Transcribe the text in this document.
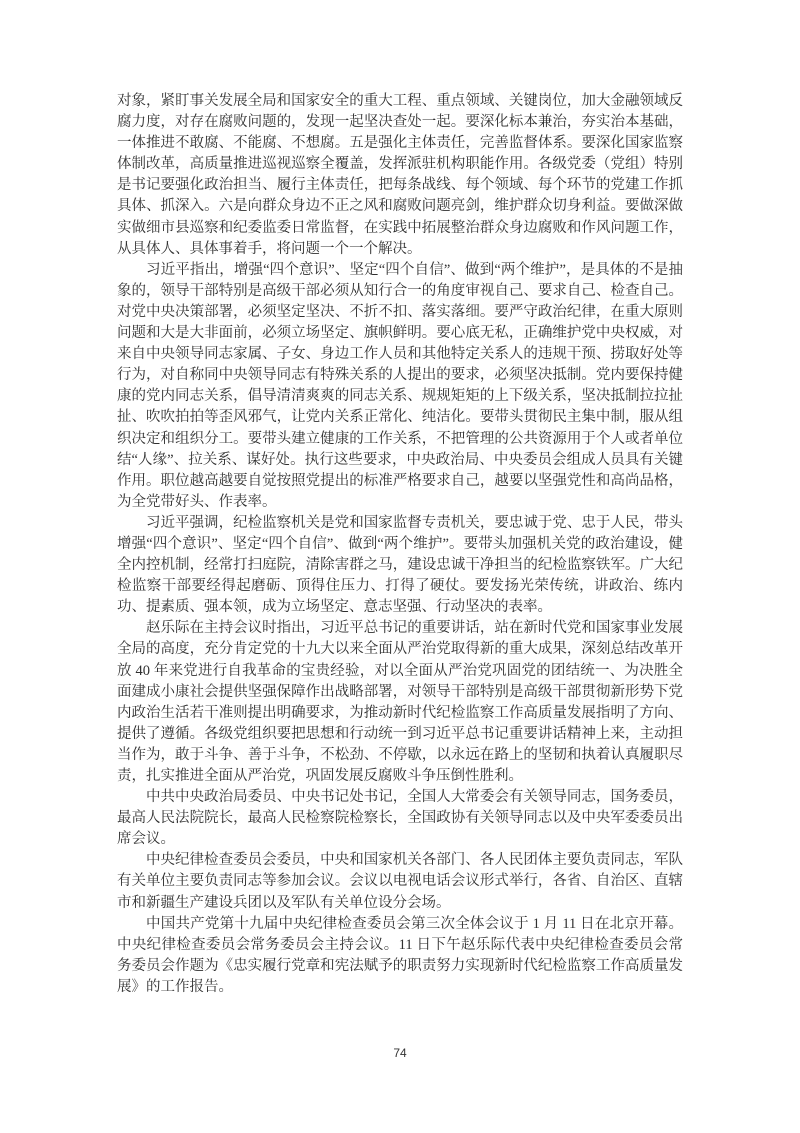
对象，紧盯事关发展全局和国家安全的重大工程、重点领域、关键岗位，加大金融领域反腐力度，对存在腐败问题的，发现一起坚决查处一起。要深化标本兼治，夯实治本基础，一体推进不敢腐、不能腐、不想腐。五是强化主体责任，完善监督体系。要深化国家监察体制改革，高质量推进巡视巡察全覆盖，发挥派驻机构职能作用。各级党委（党组）特别是书记要强化政治担当、履行主体责任，把每条战线、每个领域、每个环节的党建工作抓具体、抓深入。六是向群众身边不正之风和腐败问题亮剑，维护群众切身利益。要做深做实做细市县巡察和纪委监委日常监督，在实践中拓展整治群众身边腐败和作风问题工作，从具体人、具体事着手，将问题一个一个解决。

习近平指出，增强“四个意识”、坚定“四个自信”、做到“两个维护”，是具体的不是抽象的，领导干部特别是高级干部必须从知行合一的角度审视自己、要求自己、检查自己。对党中央决策部署，必须坚定坚决、不折不扣、落实落细。要严守政治纪律，在重大原则问题和大是大非面前，必须立场坚定、旗帜鲜明。要心底无私，正确维护党中央权威，对来自中央领导同志家属、子女、身边工作人员和其他特定关系人的违规干预、捞取好处等行为，对自称同中央领导同志有特殊关系的人提出的要求，必须坚决抵制。党内要保持健康的党内同志关系，倡导清清爽爽的同志关系、规规矩矩的上下级关系，坚决抵制拉拉扯扯、吹吹拍拍等歪风邪气，让党内关系正常化、纯洁化。要带头贯彻民主集中制，服从组织决定和组织分工。要带头建立健康的工作关系，不把管理的公共资源用于个人或者单位结“人缘”、拉关系、谋好处。执行这些要求，中央政治局、中央委员会组成人员具有关键作用。职位越高越要自觉按照党提出的标准严格要求自己，越要以坚强党性和高尚品格，为全党带好头、作表率。

习近平强调，纪检监察机关是党和国家监督专责机关，要忠诚于党、忠于人民，带头增强“四个意识”、坚定“四个自信”、做到“两个维护”。要带头加强机关党的政治建设，健全内控机制，经常打扫庭院，清除害群之马，建设忠诚干净担当的纪检监察铁军。广大纪检监察干部要经得起磨砺、顶得住压力、打得了硬仗。要发扬光荣传统，讲政治、练内功、提素质、强本领，成为立场坚定、意志坚强、行动坚决的表率。

赵乐际在主持会议时指出，习近平总书记的重要讲话，站在新时代党和国家事业发展全局的高度，充分肯定党的十九大以来全面从严治党取得新的重大成果，深刻总结改革开放 40 年来党进行自我革命的宝贵经验，对以全面从严治党巩固党的团结统一、为决胜全面建成小康社会提供坚强保障作出战略部署，对领导干部特别是高级干部贯彻新形势下党内政治生活若干准则提出明确要求，为推动新时代纪检监察工作高质量发展指明了方向、提供了遵循。各级党组织要把思想和行动统一到习近平总书记重要讲话精神上来，主动担当作为，敢于斗争、善于斗争，不松劲、不停歇，以永远在路上的坚韧和执着认真履职尽责，扎实推进全面从严治党，巩固发展反腐败斗争压倒性胜利。

中共中央政治局委员、中央书记处书记，全国人大常委会有关领导同志，国务委员，最高人民法院院长，最高人民检察院检察长，全国政协有关领导同志以及中央军委委员出席会议。

中央纪律检查委员会委员，中央和国家机关各部门、各人民团体主要负责同志，军队有关单位主要负责同志等参加会议。会议以电视电话会议形式举行，各省、自治区、直辖市和新疆生产建设兵团以及军队有关单位设分会场。

中国共产党第十九届中央纪律检查委员会第三次全体会议于 1 月 11 日在北京开幕。中央纪律检查委员会常务委员会主持会议。11 日下午赵乐际代表中央纪律检查委员会常务委员会作题为《忠实履行党章和宪法赋予的职责努力实现新时代纪检监察工作高质量发展》的工作报告。

74
